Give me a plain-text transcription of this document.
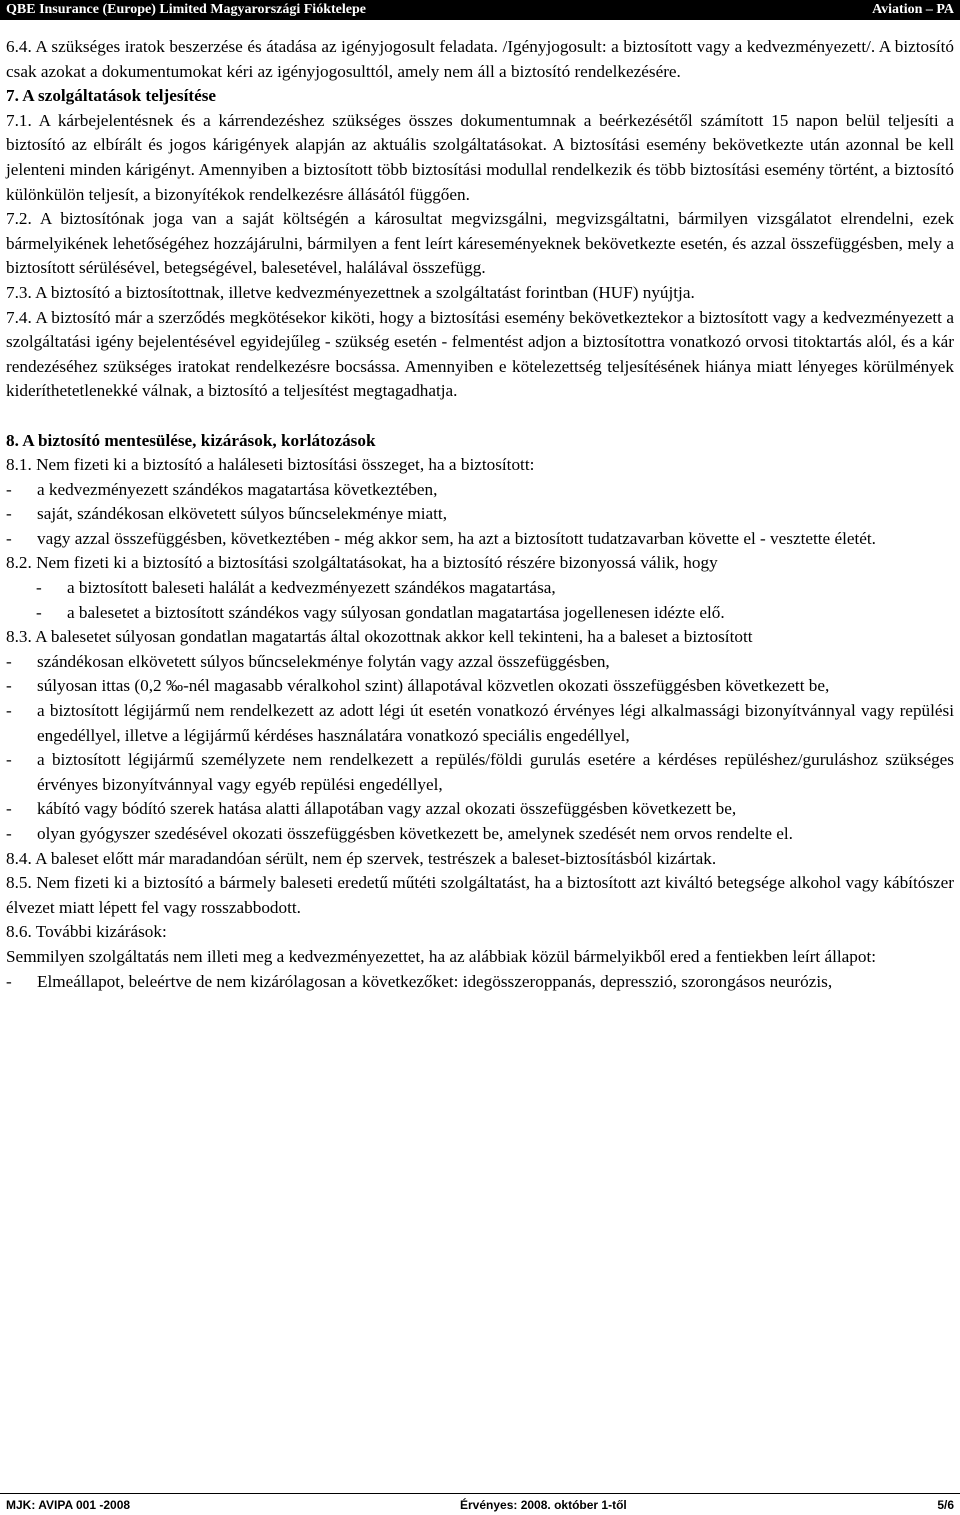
QBE Insurance (Europe) Limited Magyarországi Fióktelepe	Aviation – PA

6.4. A szükséges iratok beszerzése és átadása az igényjogosult feladata. /Igényjogosult: a biztosított vagy a kedvezményezett/. A biztosító csak azokat a dokumentumokat kéri az igényjogosulttól, amely nem áll a biztosító rendelkezésére.

7. A szolgáltatások teljesítése

7.1. A kárbejelentésnek és a kárrendezéshez szükséges összes dokumentumnak a beérkezésétől számított 15 napon belül teljesíti a biztosító az elbírált és jogos kárigények alapján az aktuális szolgáltatásokat. A biztosítási esemény bekövetkezte után azonnal be kell jelenteni minden kárigényt. Amennyiben a biztosított több biztosítási modullal rendelkezik és több biztosítási esemény történt, a biztosító különkülön teljesít, a bizonyítékok rendelkezésre állásától függően.

7.2. A biztosítónak joga van a saját költségén a károsultat megvizsgálni, megvizsgáltatni, bármilyen vizsgálatot elrendelni, ezek bármelyikének lehetőségéhez hozzájárulni, bármilyen a fent leírt káreseményeknek bekövetkezte esetén, és azzal összefüggésben, mely a biztosított sérülésével, betegségével, balesetével, halálával összefügg.

7.3. A biztosító a biztosítottnak, illetve kedvezményezettnek a szolgáltatást forintban (HUF) nyújtja.

7.4. A biztosító már a szerződés megkötésekor kiköti, hogy a biztosítási esemény bekövetkeztekor a biztosított vagy a kedvezményezett a szolgáltatási igény bejelentésével egyidejűleg - szükség esetén - felmentést adjon a biztosítottra vonatkozó orvosi titoktartás alól, és a kár rendezéséhez szükséges iratokat rendelkezésre bocsássa. Amennyiben e kötelezettség teljesítésének hiánya miatt lényeges körülmények kideríthetetlenekké válnak, a biztosító a teljesítést megtagadhatja.

8. A biztosító mentesülése, kizárások, korlátozások

8.1. Nem fizeti ki a biztosító a haláleseti biztosítási összeget, ha a biztosított:

- a kedvezményezett szándékos magatartása következtében,

- saját, szándékosan elkövetett súlyos bűncselekménye miatt,

- vagy azzal összefüggésben, következtében - még akkor sem, ha azt a biztosított tudatzavarban követte el - vesztette életét.

8.2. Nem fizeti ki a biztosító a biztosítási szolgáltatásokat, ha a biztosító részére bizonyossá válik, hogy

- a biztosított baleseti halálát a kedvezményezett szándékos magatartása,

- a balesetet a biztosított szándékos vagy súlyosan gondatlan magatartása jogellenesen idézte elő.

8.3. A balesetet súlyosan gondatlan magatartás által okozottnak akkor kell tekinteni, ha a baleset a biztosított

- szándékosan elkövetett súlyos bűncselekménye folytán vagy azzal összefüggésben,

- súlyosan ittas (0,2 ‰-nél magasabb véralkohol szint) állapotával közvetlen okozati összefüggésben következett be,

- a biztosított légijármű nem rendelkezett az adott légi út esetén vonatkozó érvényes légi alkalmassági bizonyítvánnyal vagy repülési engedéllyel, illetve a légijármű kérdéses használatára vonatkozó speciális engedéllyel,

- a biztosított légijármű személyzete nem rendelkezett a repülés/földi gurulás esetére a kérdéses repüléshez/guruláshoz szükséges érvényes bizonyítvánnyal vagy egyéb repülési engedéllyel,

- kábító vagy bódító szerek hatása alatti állapotában vagy azzal okozati összefüggésben következett be,

- olyan gyógyszer szedésével okozati összefüggésben következett be, amelynek szedését nem orvos rendelte el.

8.4. A baleset előtt már maradandóan sérült, nem ép szervek, testrészek a baleset-biztosításból kizártak.

8.5. Nem fizeti ki a biztosító a bármely baleseti eredetű műtéti szolgáltatást, ha a biztosított azt kiváltó betegsége alkohol vagy kábítószer élvezet miatt lépett fel vagy rosszabbodott.

8.6. További kizárások:

Semmilyen szolgáltatás nem illeti meg a kedvezményezettet, ha az alábbiak közül bármelyikből ered a fentiekben leírt állapot:

- Elmeállapot, beleértve de nem kizárólagosan a következőket: idegösszeroppanás, depresszió, szorongásos neurózis,

MJK: AVIPA 001 -2008	Érvényes: 2008. október 1-től	5/6
